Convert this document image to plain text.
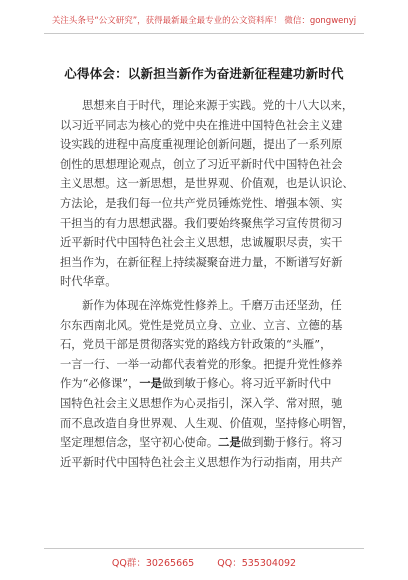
关注头条号“公文研究”，获得最新最全最专业的公文资料库！ 微信：gongwenyj
心得体会：以新担当新作为奋进新征程建功新时代
思想来自于时代，理论来源于实践。党的十八大以来，
以习近平同志为核心的党中央在推进中国特色社会主义建
设实践的进程中高度重视理论创新问题，提出了一系列原
创性的思想理论观点，创立了习近平新时代中国特色社会
主义思想。这一新思想，是世界观、价值观，也是认识论、
方法论，是我们每一位共产党员锤炼党性、增强本领、实
干担当的有力思想武器。我们要始终聚焦学习宣传贯彻习
近平新时代中国特色社会主义思想，忠诚履职尽责，实干
担当作为，在新征程上持续凝聚奋进力量，不断谱写好新
时代华章。
新作为体现在淬炼党性修养上。千磨万击还坚劲，任
尔东西南北风。党性是党员立身、立业、立言、立德的基
石，党员干部是贯彻落实党的路线方针政策的“头雁”，
一言一行、一举一动都代表着党的形象。把提升党性修养
作为“必修课”，一是做到敏于修心。将习近平新时代中
国特色社会主义思想作为心灵指引，深入学、常对照，驰
而不息改造自身世界观、人生观、价值观，坚持修心明智，
坚定理想信念，坚守初心使命。二是做到勤于修行。将习
近平新时代中国特色社会主义思想作为行动指南，用共产
QQ群：30265665 QQ：535304092
